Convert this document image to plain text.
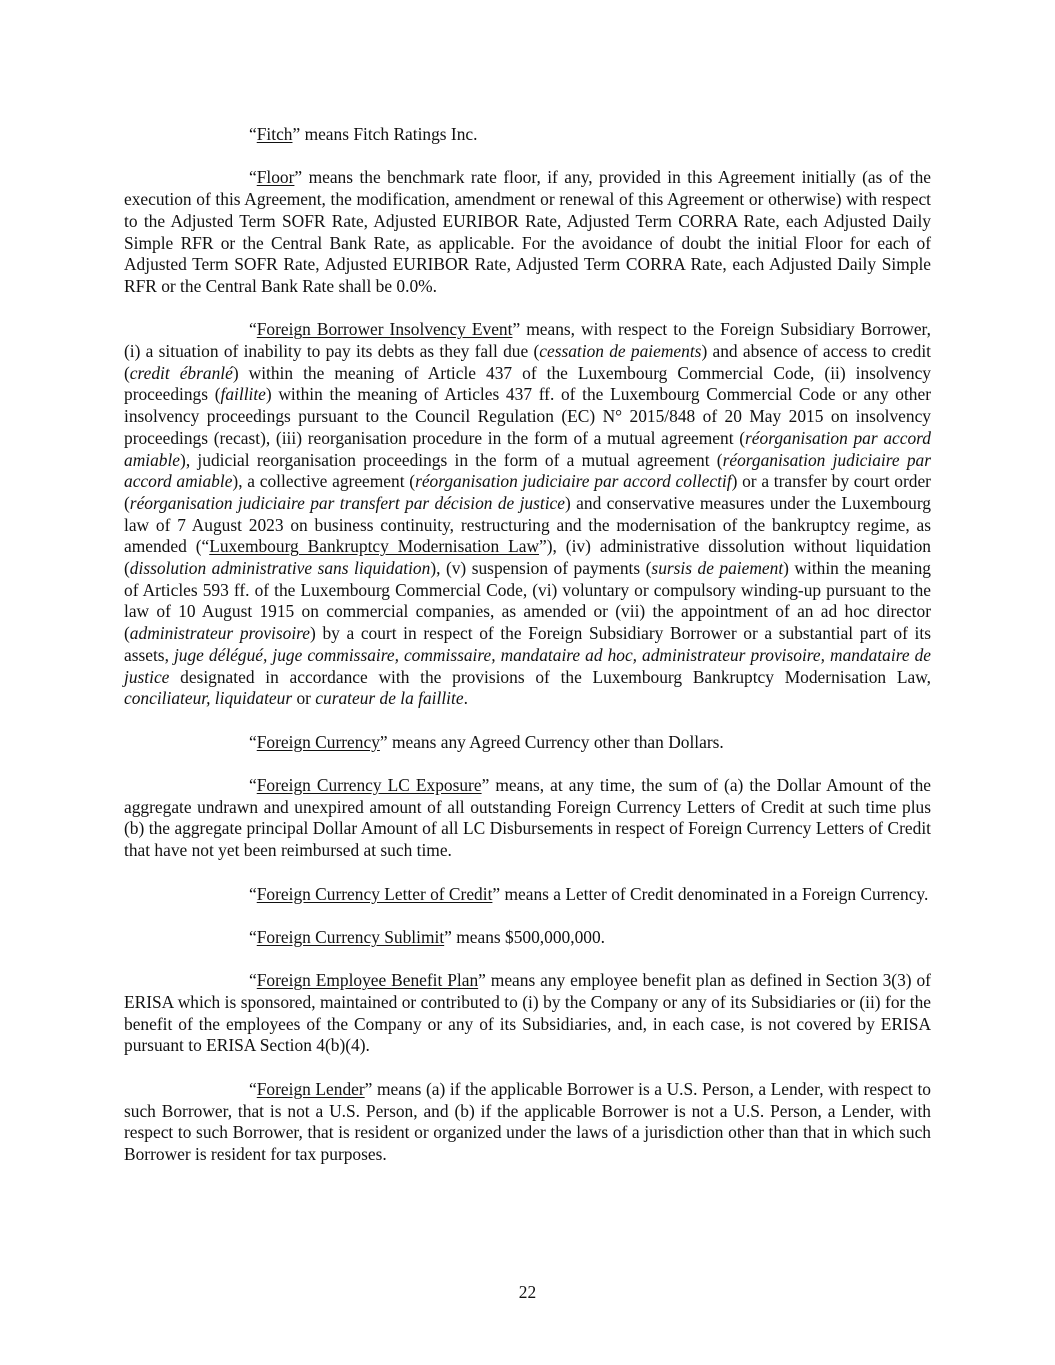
“Fitch” means Fitch Ratings Inc.

“Floor” means the benchmark rate floor, if any, provided in this Agreement initially (as of the execution of this Agreement, the modification, amendment or renewal of this Agreement or otherwise) with respect to the Adjusted Term SOFR Rate, Adjusted EURIBOR Rate, Adjusted Term CORRA Rate, each Adjusted Daily Simple RFR or the Central Bank Rate, as applicable. For the avoidance of doubt the initial Floor for each of Adjusted Term SOFR Rate, Adjusted EURIBOR Rate, Adjusted Term CORRA Rate, each Adjusted Daily Simple RFR or the Central Bank Rate shall be 0.0%.

“Foreign Borrower Insolvency Event” means, with respect to the Foreign Subsidiary Borrower, (i) a situation of inability to pay its debts as they fall due (cessation de paiements) and absence of access to credit (credit ébranlé) within the meaning of Article 437 of the Luxembourg Commercial Code, (ii) insolvency proceedings (faillite) within the meaning of Articles 437 ff. of the Luxembourg Commercial Code or any other insolvency proceedings pursuant to the Council Regulation (EC) N° 2015/848 of 20 May 2015 on insolvency proceedings (recast), (iii) reorganisation procedure in the form of a mutual agreement (réorganisation par accord amiable), judicial reorganisation proceedings in the form of a mutual agreement (réorganisation judiciaire par accord amiable), a collective agreement (réorganisation judiciaire par accord collectif) or a transfer by court order (réorganisation judiciaire par transfert par décision de justice) and conservative measures under the Luxembourg law of 7 August 2023 on business continuity, restructuring and the modernisation of the bankruptcy regime, as amended (“Luxembourg Bankruptcy Modernisation Law”), (iv) administrative dissolution without liquidation (dissolution administrative sans liquidation), (v) suspension of payments (sursis de paiement) within the meaning of Articles 593 ff. of the Luxembourg Commercial Code, (vi) voluntary or compulsory winding-up pursuant to the law of 10 August 1915 on commercial companies, as amended or (vii) the appointment of an ad hoc director (administrateur provisoire) by a court in respect of the Foreign Subsidiary Borrower or a substantial part of its assets, juge délégué, juge commissaire, commissaire, mandataire ad hoc, administrateur provisoire, mandataire de justice designated in accordance with the provisions of the Luxembourg Bankruptcy Modernisation Law, conciliateur, liquidateur or curateur de la faillite.

“Foreign Currency” means any Agreed Currency other than Dollars.

“Foreign Currency LC Exposure” means, at any time, the sum of (a) the Dollar Amount of the aggregate undrawn and unexpired amount of all outstanding Foreign Currency Letters of Credit at such time plus (b) the aggregate principal Dollar Amount of all LC Disbursements in respect of Foreign Currency Letters of Credit that have not yet been reimbursed at such time.

“Foreign Currency Letter of Credit” means a Letter of Credit denominated in a Foreign Currency.

“Foreign Currency Sublimit” means $500,000,000.

“Foreign Employee Benefit Plan” means any employee benefit plan as defined in Section 3(3) of ERISA which is sponsored, maintained or contributed to (i) by the Company or any of its Subsidiaries or (ii) for the benefit of the employees of the Company or any of its Subsidiaries, and, in each case, is not covered by ERISA pursuant to ERISA Section 4(b)(4).

“Foreign Lender” means (a) if the applicable Borrower is a U.S. Person, a Lender, with respect to such Borrower, that is not a U.S. Person, and (b) if the applicable Borrower is not a U.S. Person, a Lender, with respect to such Borrower, that is resident or organized under the laws of a jurisdiction other than that in which such Borrower is resident for tax purposes.

22
